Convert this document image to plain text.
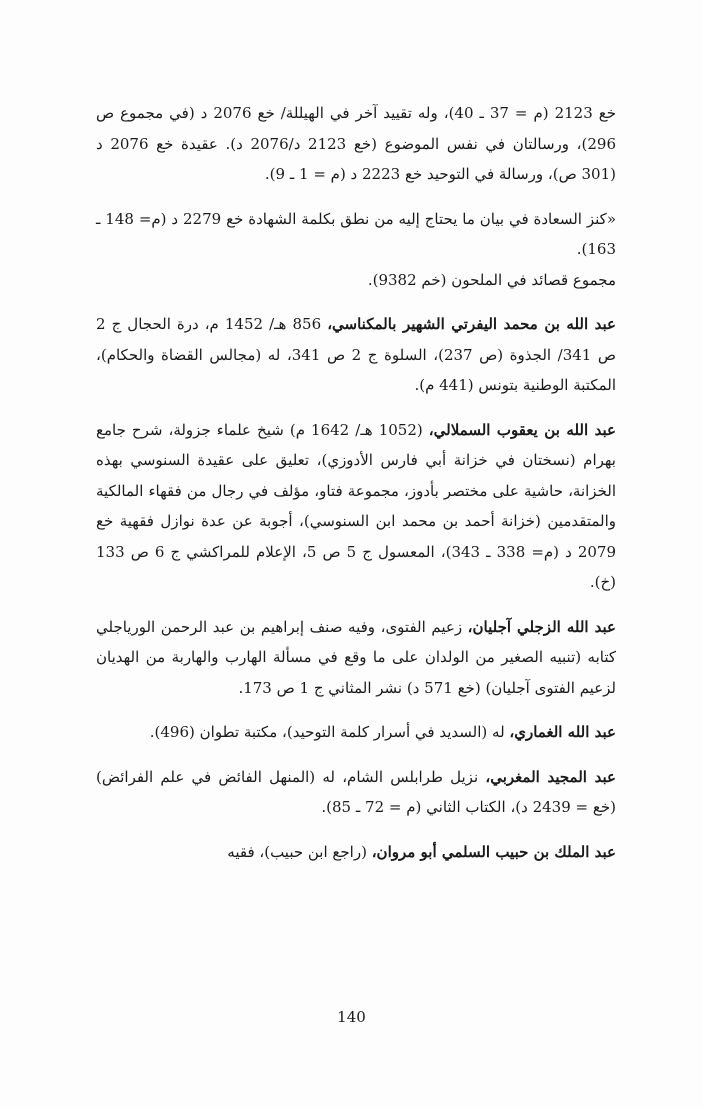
خع 2123 (م = 37 ـ 40)، وله تقييد آخر في الهيللة/ خع 2076 د (في مجموع ص 296)، ورسالتان في نفس الموضوع (خع 2123 د/2076 د). عقيدة خع 2076 د (301 ص)، ورسالة في التوحيد خع 2223 د (م = 1 ـ 9).

«كنز السعادة في بيان ما يحتاج إليه من نطق بكلمة الشهادة خع 2279 د (م= 148 ـ 163).

مجموع قصائد في الملحون (خم 9382).

عبد الله بن محمد اليفرتي الشهير بالمكناسي، 856 هـ/ 1452 م، درة الحجال ج 2 ص 341/ الجذوة (ص 237)، السلوة ج 2 ص 341، له (مجالس القضاة والحكام)، المكتبة الوطنية بتونس (441 م).

عبد الله بن يعقوب السملالي، (1052 هـ/ 1642 م) شيخ علماء جزولة، شرح جامع بهرام (نسختان في خزانة أبي فارس الأدوزي)، تعليق على عقيدة السنوسي بهذه الخزانة، حاشية على مختصر بأدوز، مجموعة فتاو، مؤلف في رجال من فقهاء المالكية والمتقدمين (خزانة أحمد بن محمد ابن السنوسي)، أجوبة عن عدة نوازل فقهية خع 2079 د (م= 338 ـ 343)، المعسول ج 5 ص 5، الإعلام للمراكشي ج 6 ص 133 (خ).

عبد الله الزجلي آجليان، زعيم الفتوى، وفيه صنف إبراهيم بن عبد الرحمن الورياجلي كتابه (تنبيه الصغير من الولدان على ما وقع في مسألة الهارب والهاربة من الهديان لزعيم الفتوى آجليان) (خع 571 د) نشر المثاني ج 1 ص 173.

عبد الله الغماري، له (السديد في أسرار كلمة التوحيد)، مكتبة تطوان (496).

عبد المجيد المغربي، نزيل طرابلس الشام، له (المنهل الفائض في علم الفرائض) (خع = 2439 د)، الكتاب الثاني (م = 72 ـ 85).

عبد الملك بن حبيب السلمي أبو مروان، (راجع ابن حبيب)، فقيه

140
